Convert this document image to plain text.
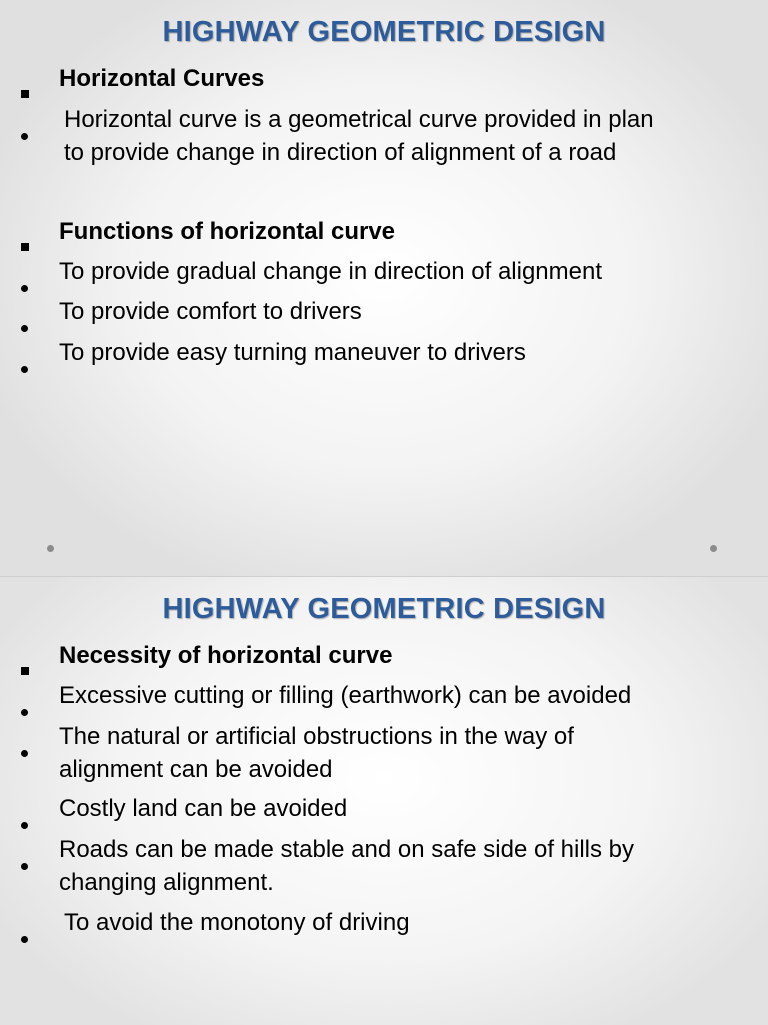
HIGHWAY GEOMETRIC DESIGN
Horizontal Curves
Horizontal curve is a geometrical curve provided in plan
to provide change in direction of alignment of a road
Functions of horizontal curve
To provide gradual change in direction of alignment
To provide comfort to drivers
To provide easy turning maneuver to drivers
HIGHWAY GEOMETRIC DESIGN
Necessity of horizontal curve
Excessive cutting or filling (earthwork) can be avoided
The natural or artificial obstructions in the way of
alignment can be avoided
Costly land can be avoided
Roads can be made stable and on safe side of hills by
changing alignment.
To avoid the monotony of driving
